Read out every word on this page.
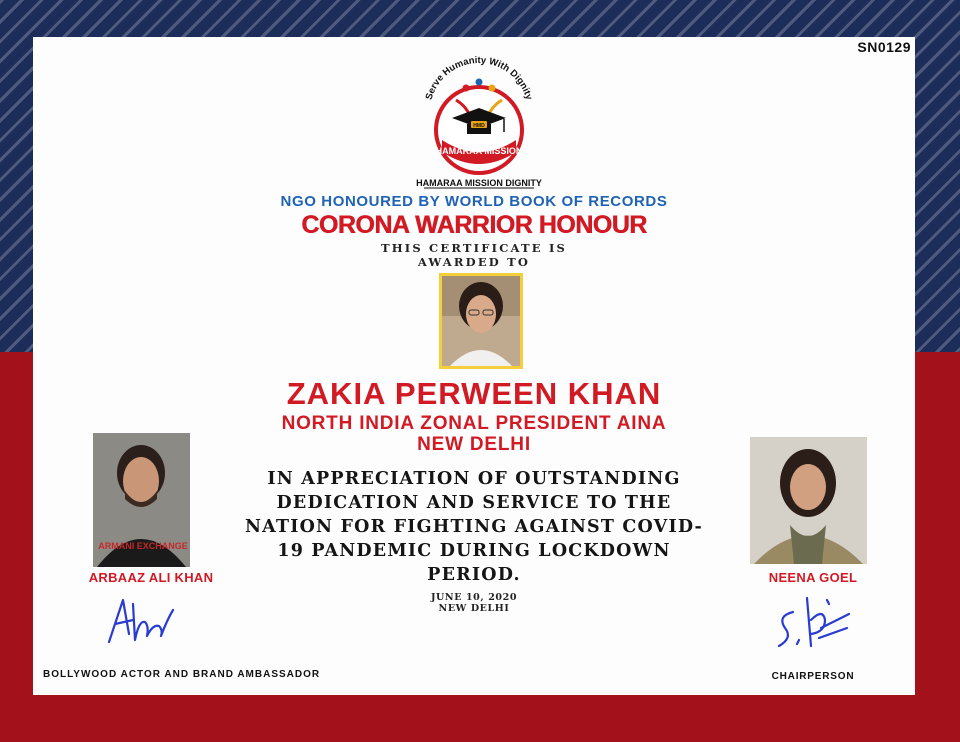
SN0129
Serve Humanity With Dignity
HMD
HAMARAA MISSION
HAMARAA MISSION DIGNITY
NGO HONOURED BY WORLD BOOK OF RECORDS
CORONA WARRIOR HONOUR
THIS CERTIFICATE IS
AWARDED TO
ZAKIA PERWEEN KHAN
NORTH INDIA ZONAL PRESIDENT AINA
NEW DELHI
IN APPRECIATION OF OUTSTANDING DEDICATION AND SERVICE TO THE NATION FOR FIGHTING AGAINST COVID-19 PANDEMIC DURING LOCKDOWN PERIOD.
JUNE 10, 2020
NEW DELHI
ARMANI EXCHANGE
ARBAAZ ALI KHAN
BOLLYWOOD ACTOR AND BRAND AMBASSADOR
NEENA GOEL
CHAIRPERSON
